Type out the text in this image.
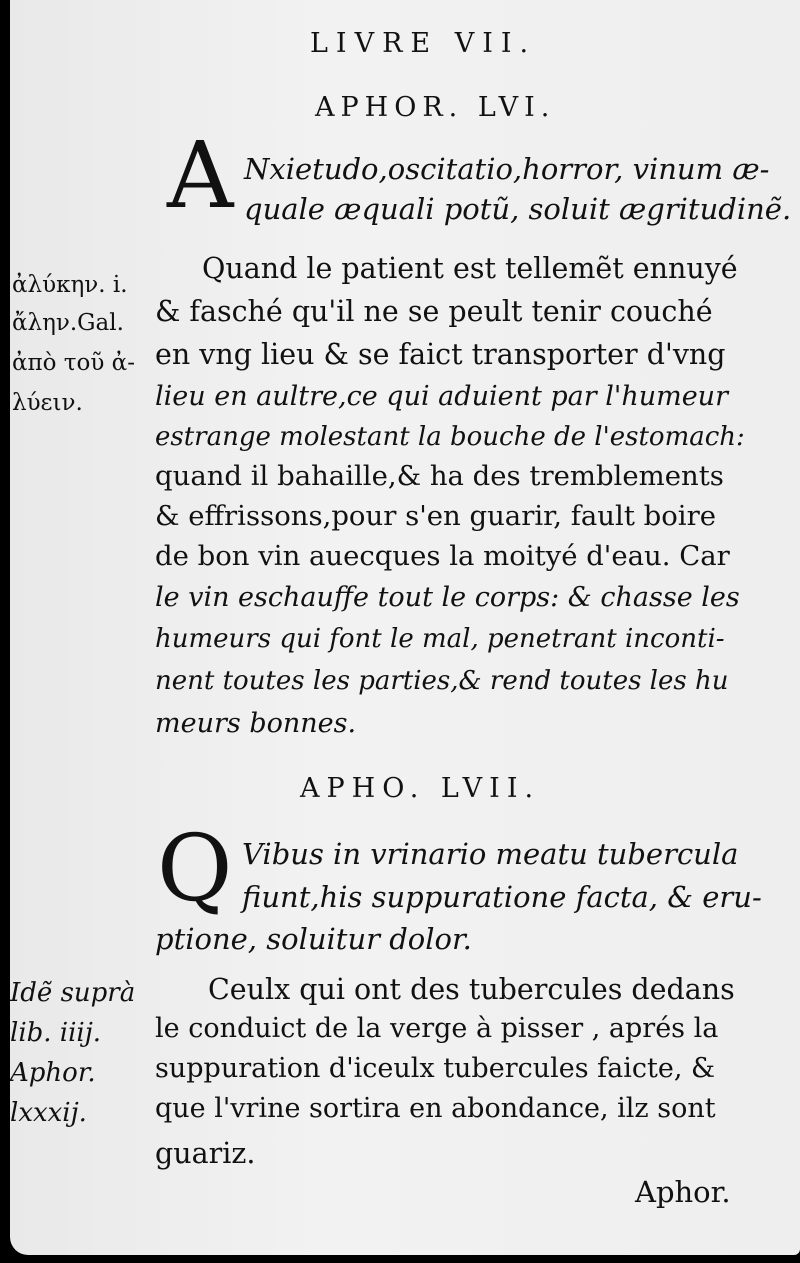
LIVRE VII.
APHOR. LVI.
A Nxietudo,oscitatio,horror, vinum æ-
quale æquali potũ, soluit ægritudinẽ.
ἀλύκην. i.
ἄλην.Gal.
ἀπὸ τοῦ ἀ-
λύειν.
Quand le patient est tellemẽt ennuyé
& fasché qu'il ne se peult tenir couché
en vng lieu & se faict transporter d'vng
lieu en aultre,ce qui aduient par l'humeur
estrange molestant la bouche de l'estomach:
quand il bahaille,& ha des tremblements
& effrissons,pour s'en guarir, fault boire
de bon vin auecques la moityé d'eau. Car
le vin eschauffe tout le corps: & chasse les
humeurs qui font le mal, penetrant inconti-
nent toutes les parties,& rend toutes les hu
meurs bonnes.
APHO. LVII.
Q Vibus in vrinario meatu tubercula
fiunt,his suppuratione facta, & eru-
ptione, soluitur dolor.
Idẽ suprà
lib. iiij.
Aphor.
lxxxij.
Ceulx qui ont des tubercules dedans
le conduict de la verge à pisser , aprés la
suppuration d'iceulx tubercules faicte, &
que l'vrine sortira en abondance, ilz sont
guariz.
Aphor.
